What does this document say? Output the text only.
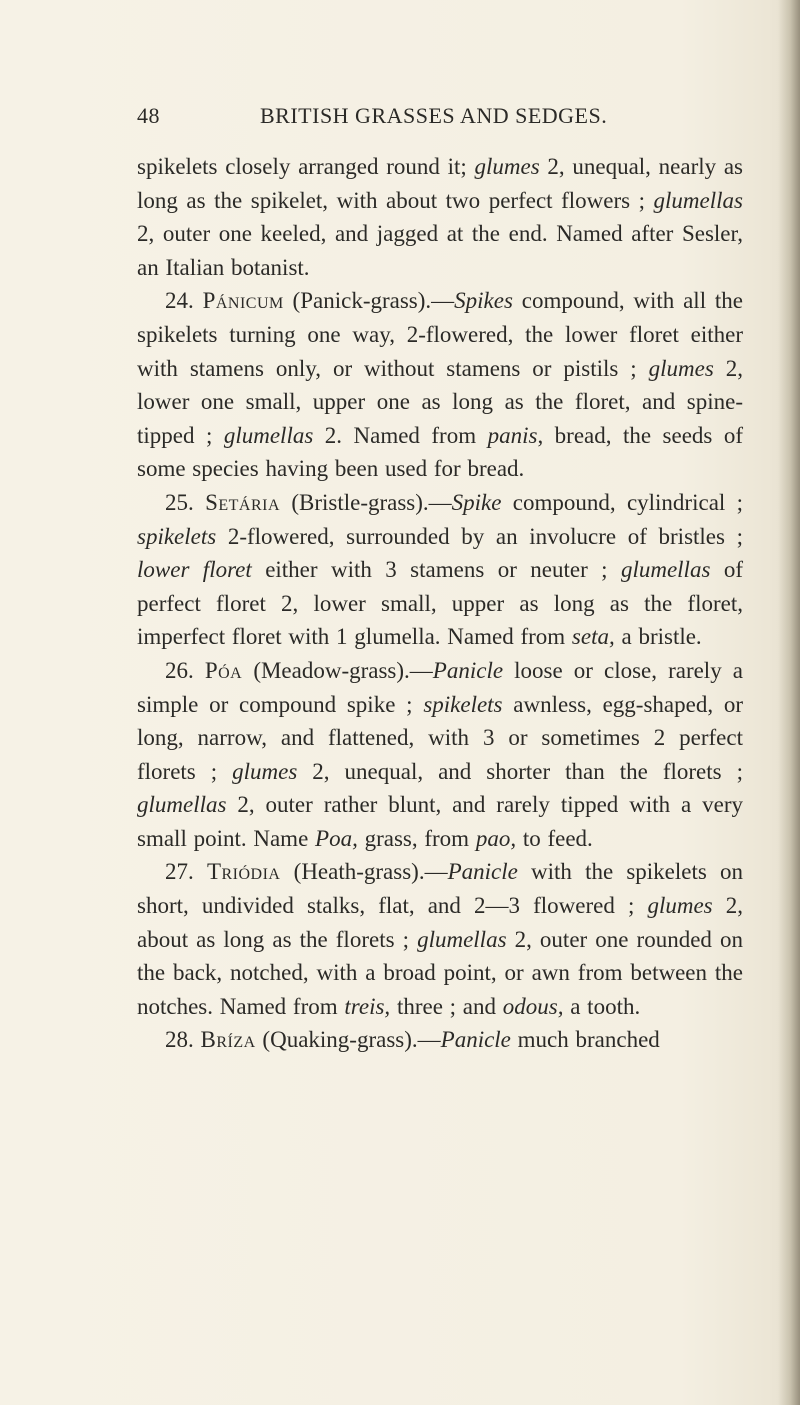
48	BRITISH GRASSES AND SEDGES.

spikelets closely arranged round it; glumes 2, unequal, nearly as long as the spikelet, with about two perfect flowers ; glumellas 2, outer one keeled, and jagged at the end. Named after Sesler, an Italian botanist.

24. Pánicum (Panick-grass).—Spikes compound, with all the spikelets turning one way, 2-flowered, the lower floret either with stamens only, or without stamens or pistils ; glumes 2, lower one small, upper one as long as the floret, and spine-tipped ; glumellas 2. Named from panis, bread, the seeds of some species having been used for bread.

25. Setária (Bristle-grass).—Spike compound, cylindrical ; spikelets 2-flowered, surrounded by an involucre of bristles ; lower floret either with 3 stamens or neuter ; glumellas of perfect floret 2, lower small, upper as long as the floret, imperfect floret with 1 glumella. Named from seta, a bristle.

26. Póa (Meadow-grass).—Panicle loose or close, rarely a simple or compound spike ; spikelets awnless, egg-shaped, or long, narrow, and flattened, with 3 or sometimes 2 perfect florets ; glumes 2, unequal, and shorter than the florets ; glumellas 2, outer rather blunt, and rarely tipped with a very small point. Name Poa, grass, from pao, to feed.

27. Triódia (Heath-grass).—Panicle with the spikelets on short, undivided stalks, flat, and 2—3 flowered ; glumes 2, about as long as the florets ; glumellas 2, outer one rounded on the back, notched, with a broad point, or awn from between the notches. Named from treis, three ; and odous, a tooth.

28. Bríza (Quaking-grass).—Panicle much branched
